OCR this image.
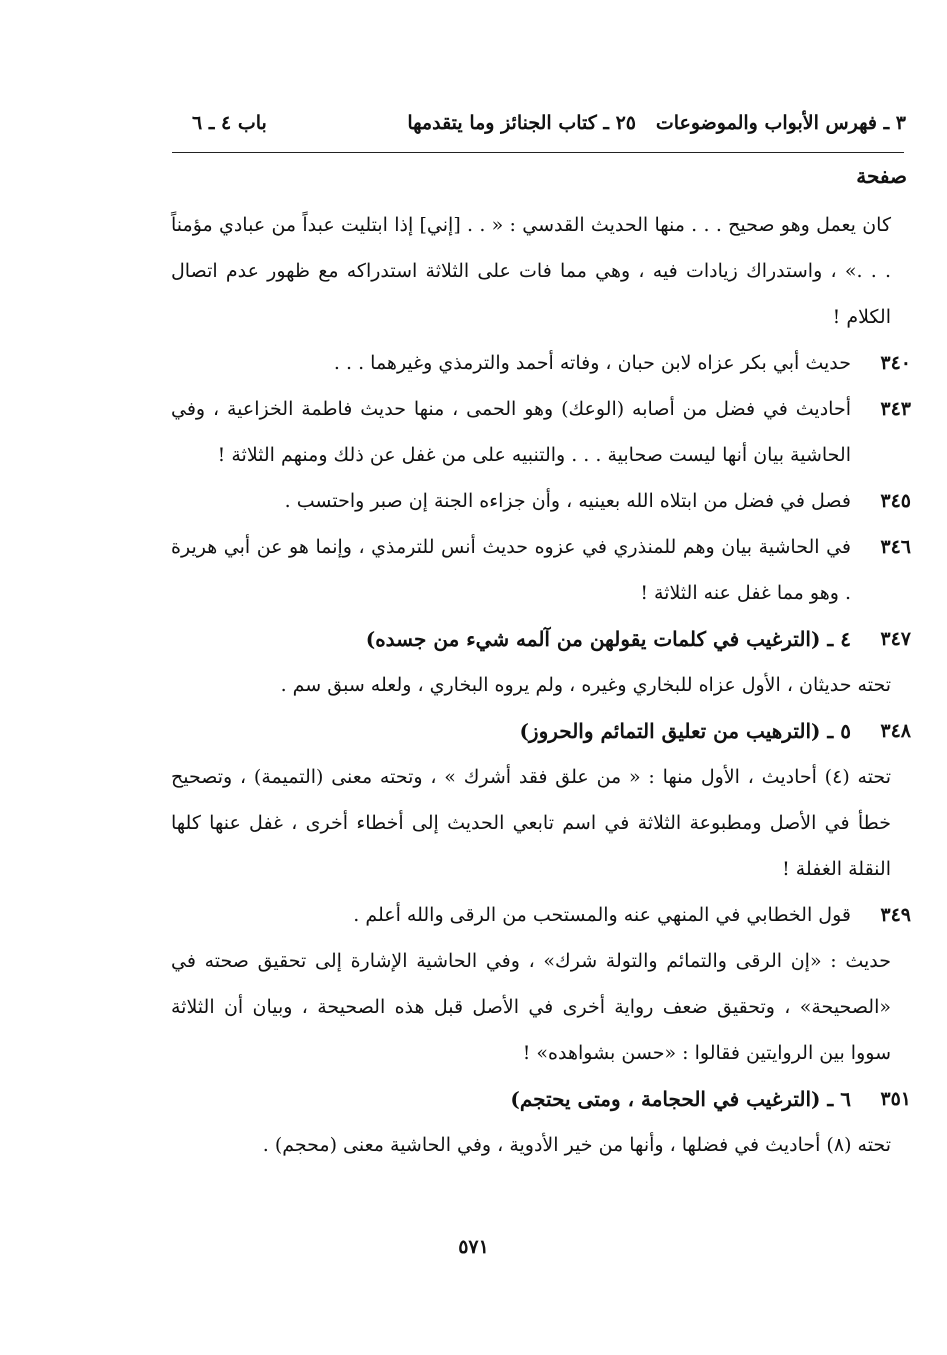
٣ ـ فهرس الأبواب والموضوعات
٢٥ ـ كتاب الجنائز وما يتقدمها
باب ٤ ـ ٦
صفحة
كان يعمل وهو صحيح . . . منها الحديث القدسي : « . . [إني] إذا ابتليت عبداً من عبادي مؤمناً . . .» ، واستدراك زيادات فيه ، وهي مما فات على الثلاثة استدراكه مع ظهور عدم اتصال الكلام !
٣٤٠
حديث أبي بكر عزاه لابن حبان ، وفاته أحمد والترمذي وغيرهما . . .
٣٤٣
أحاديث في فضل من أصابه (الوعك) وهو الحمى ، منها حديث فاطمة الخزاعية ، وفي الحاشية بيان أنها ليست صحابية . . . والتنبيه على من غفل عن ذلك ومنهم الثلاثة !
٣٤٥
فصل في فضل من ابتلاه الله بعينيه ، وأن جزاءه الجنة إن صبر واحتسب .
٣٤٦
في الحاشية بيان وهم للمنذري في عزوه حديث أنس للترمذي ، وإنما هو عن أبي هريرة . وهو مما غفل عنه الثلاثة !
٣٤٧
٤ ـ (الترغيب في كلمات يقولهن من آلمه شيء من جسده)
تحته حديثان ، الأول عزاه للبخاري وغيره ، ولم يروه البخاري ، ولعله سبق سم .
٣٤٨
٥ ـ (الترهيب من تعليق التمائم والحروز)
تحته (٤) أحاديث ، الأول منها : « من علق فقد أشرك » ، وتحته معنى (التميمة) ، وتصحيح خطأ في الأصل ومطبوعة الثلاثة في اسم تابعي الحديث إلى أخطاء أخرى ، غفل عنها كلها النقلة الغفلة !
٣٤٩
قول الخطابي في المنهي عنه والمستحب من الرقى والله أعلم .
حديث : «إن الرقى والتمائم والتولة شرك» ، وفي الحاشية الإشارة إلى تحقيق صحته في «الصحيحة» ، وتحقيق ضعف رواية أخرى في الأصل قبل هذه الصحيحة ، وبيان أن الثلاثة سووا بين الروايتين فقالوا : «حسن بشواهده» !
٣٥١
٦ ـ (الترغيب في الحجامة ، ومتى يحتجم)
تحته (٨) أحاديث في فضلها ، وأنها من خير الأدوية ، وفي الحاشية معنى (محجم) .
٥٧١
